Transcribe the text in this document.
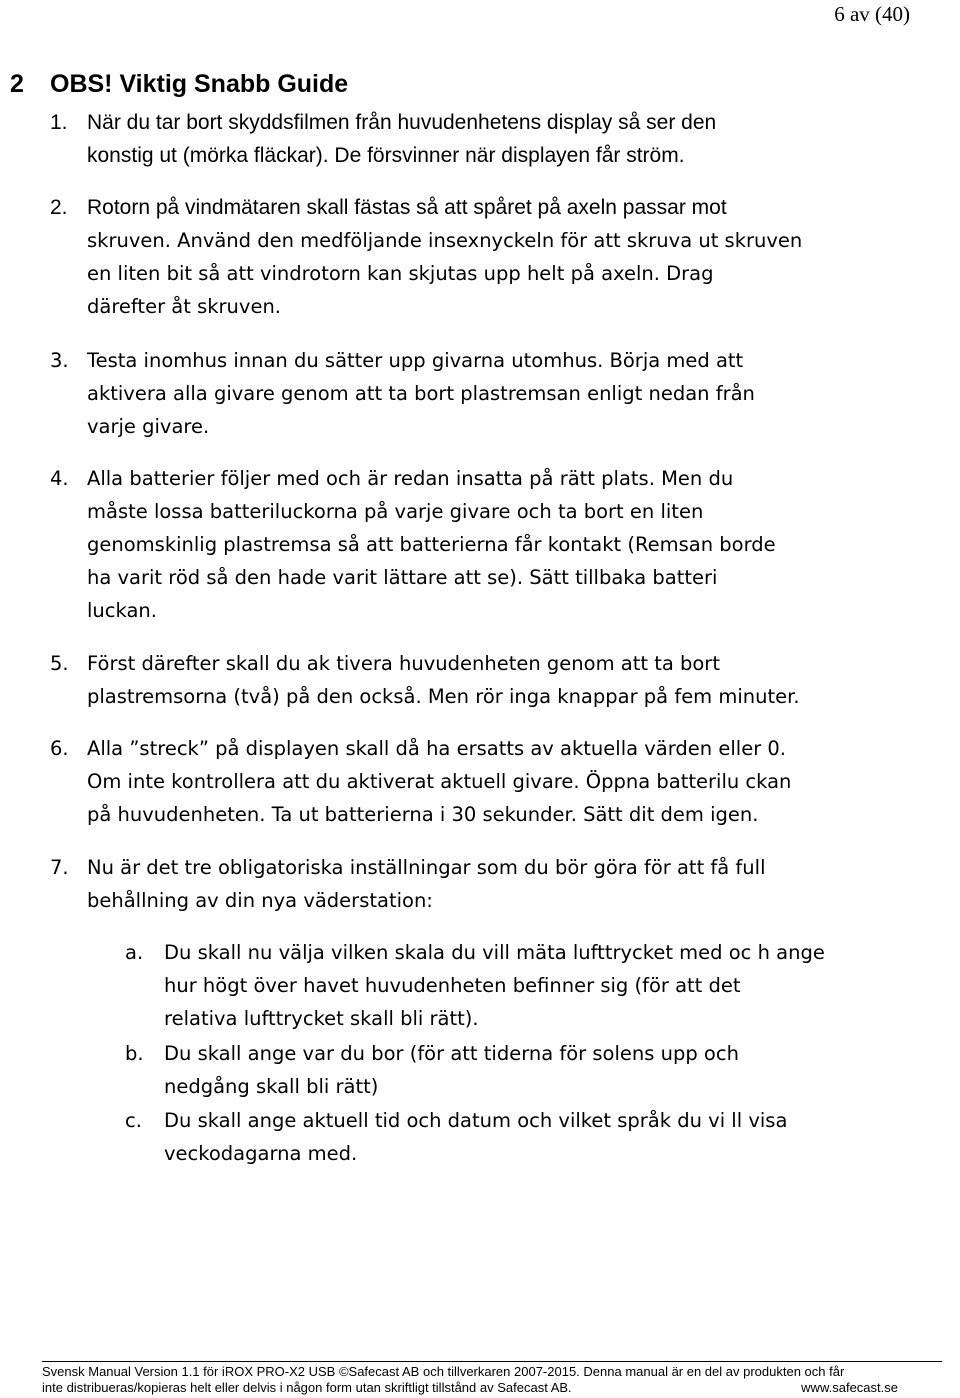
6 av (40)
2 OBS! Viktig Snabb Guide
1. När du tar bort skyddsfilmen från huvudenhetens display så ser den
konstig ut (mörka fläckar). De försvinner när displayen får ström.
2. Rotorn på vindmätaren skall fästas så att spåret på axeln passar mot
skruven. Använd den medföljande insexnyckeln för att skruva ut skruven
en liten bit så att vindrotorn kan skjutas upp helt på axeln. Drag
därefter åt skruven.
3. Testa inomhus innan du sätter upp givarna utomhus. Börja med att
aktivera alla givare genom att ta bort plastremsan enligt nedan från
varje givare.
4. Alla batterier följer med och är redan insatta på rätt plats. Men du
måste lossa batteriluckorna på varje givare och ta bort en liten
genomskinlig plastremsa så att batterierna får kontakt (Remsan borde
ha varit röd så den hade varit lättare att se). Sätt tillbaka batteri
luckan.
5. Först därefter skall du ak tivera huvudenheten genom att ta bort
plastremsorna (två) på den också. Men rör inga knappar på fem minuter.
6. Alla ”streck” på displayen skall då ha ersatts av aktuella värden eller 0.
Om inte kontrollera att du aktiverat aktuell givare. Öppna batterilu ckan
på huvudenheten. Ta ut batterierna i 30 sekunder. Sätt dit dem igen.
7. Nu är det tre obligatoriska inställningar som du bör göra för att få full
behållning av din nya väderstation:
a. Du skall nu välja vilken skala du vill mäta lufttrycket med oc h ange
hur högt över havet huvudenheten befinner sig (för att det
relativa lufttrycket skall bli rätt).
b. Du skall ange var du bor (för att tiderna för solens upp och
nedgång skall bli rätt)
c. Du skall ange aktuell tid och datum och vilket språk du vi ll visa
veckodagarna med.
Svensk Manual Version 1.1 för iROX PRO-X2 USB ©Safecast AB och tillverkaren 2007-2015. Denna manual är en del av produkten och får
inte distribueras/kopieras helt eller delvis i någon form utan skriftligt tillstånd av Safecast AB.	www.safecast.se
